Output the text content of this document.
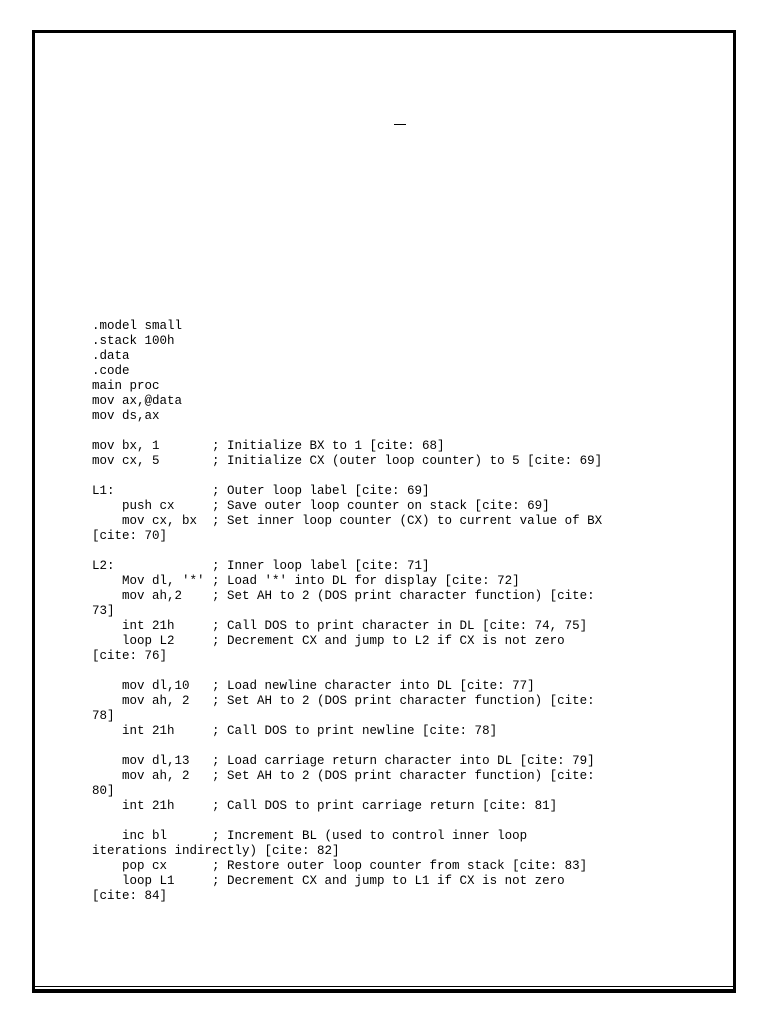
.model small
.stack 100h
.data
.code
main proc
mov ax,@data
mov ds,ax
mov bx, 1       ; Initialize BX to 1 [cite: 68]
mov cx, 5       ; Initialize CX (outer loop counter) to 5 [cite: 69]
L1:             ; Outer loop label [cite: 69]
push cx     ; Save outer loop counter on stack [cite: 69]
mov cx, bx  ; Set inner loop counter (CX) to current value of BX
[cite: 70]
L2:             ; Inner loop label [cite: 71]
Mov dl, '*' ; Load '*' into DL for display [cite: 72]
mov ah,2    ; Set AH to 2 (DOS print character function) [cite:
73]
int 21h     ; Call DOS to print character in DL [cite: 74, 75]
loop L2     ; Decrement CX and jump to L2 if CX is not zero
[cite: 76]
mov dl,10   ; Load newline character into DL [cite: 77]
mov ah, 2   ; Set AH to 2 (DOS print character function) [cite:
78]
int 21h     ; Call DOS to print newline [cite: 78]
mov dl,13   ; Load carriage return character into DL [cite: 79]
mov ah, 2   ; Set AH to 2 (DOS print character function) [cite:
80]
int 21h     ; Call DOS to print carriage return [cite: 81]
inc bl      ; Increment BL (used to control inner loop
iterations indirectly) [cite: 82]
pop cx      ; Restore outer loop counter from stack [cite: 83]
loop L1     ; Decrement CX and jump to L1 if CX is not zero
[cite: 84]
